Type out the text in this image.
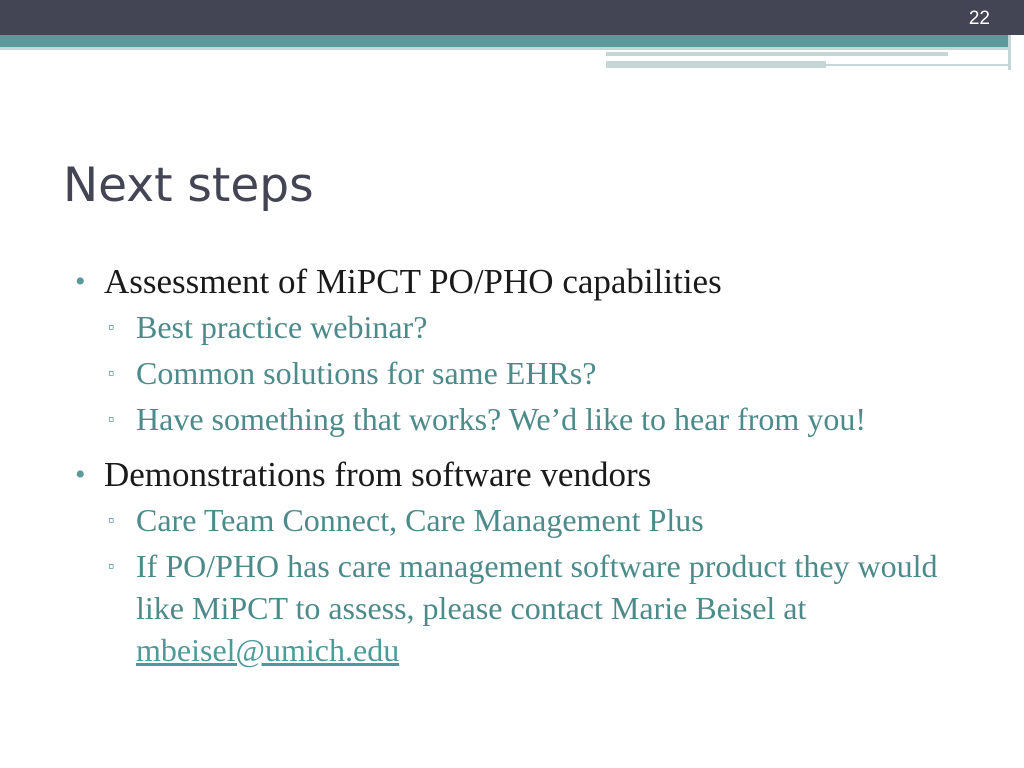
22
Next steps
• Assessment of MiPCT PO/PHO capabilities
▫ Best practice webinar?
▫ Common solutions for same EHRs?
▫ Have something that works? We’d like to hear from you!
• Demonstrations from software vendors
▫ Care Team Connect, Care Management Plus
▫ If PO/PHO has care management software product they would like MiPCT to assess, please contact Marie Beisel at mbeisel@umich.edu
